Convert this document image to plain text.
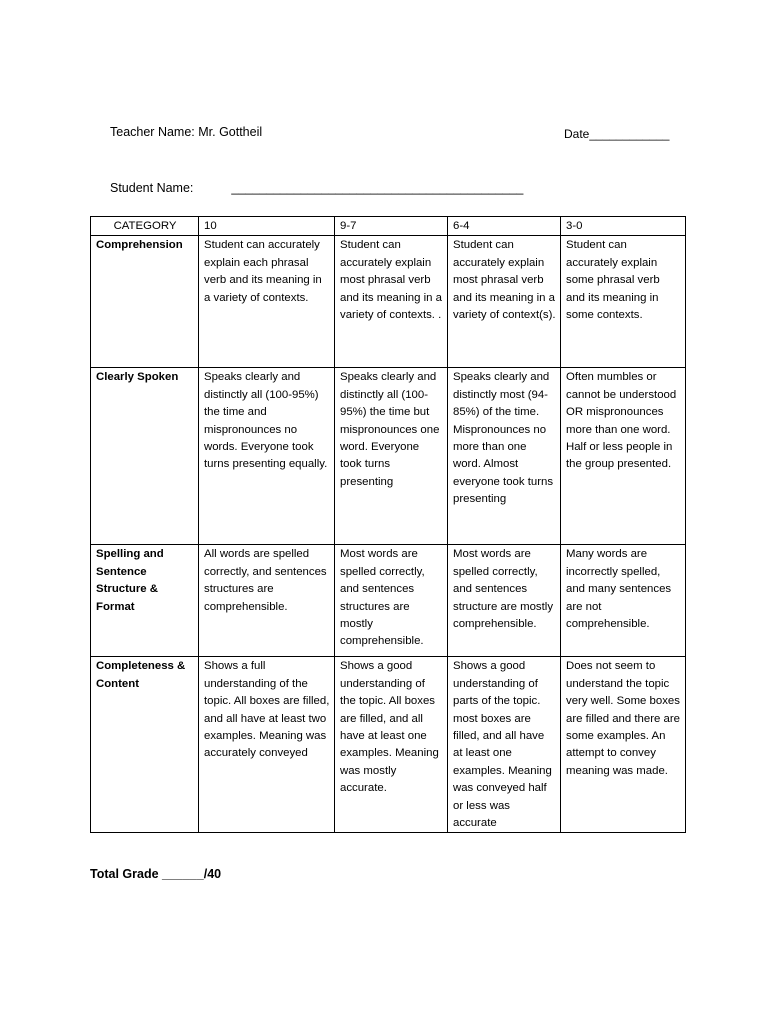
Teacher Name: Mr. Gottheil	Date____________
Student Name:	__________________________________________
CATEGORY	10	9-7	6-4	3-0
Comprehension	Student can accurately explain each phrasal verb and its meaning in a variety of contexts.	Student can accurately explain most phrasal verb and its meaning in a variety of contexts. .	Student can accurately explain most phrasal verb and its meaning in a variety of context(s).	Student can accurately explain some phrasal verb and its meaning in some contexts.
Clearly Spoken	Speaks clearly and distinctly all (100-95%) the time and mispronounces no words. Everyone took turns presenting equally.	Speaks clearly and distinctly all (100-95%) the time but mispronounces one word. Everyone took turns presenting	Speaks clearly and distinctly most (94-85%) of the time. Mispronounces no more than one word. Almost everyone took turns presenting	Often mumbles or cannot be understood OR mispronounces more than one word. Half or less people in the group presented.
Spelling and Sentence Structure & Format	All words are spelled correctly, and sentences structures are comprehensible.	Most words are spelled correctly, and sentences structures are mostly comprehensible.	Most words are spelled correctly, and sentences structure are mostly comprehensible.	Many words are incorrectly spelled, and many sentences are not comprehensible.
Completeness & Content	Shows a full understanding of the topic. All boxes are filled, and all have at least two examples. Meaning was accurately conveyed	Shows a good understanding of the topic. All boxes are filled, and all have at least one examples. Meaning was mostly accurate.	Shows a good understanding of parts of the topic. most boxes are filled, and all have at least one examples. Meaning was conveyed half or less was accurate	Does not seem to understand the topic very well. Some boxes are filled and there are some examples. An attempt to convey meaning was made.
Total Grade ______/40
